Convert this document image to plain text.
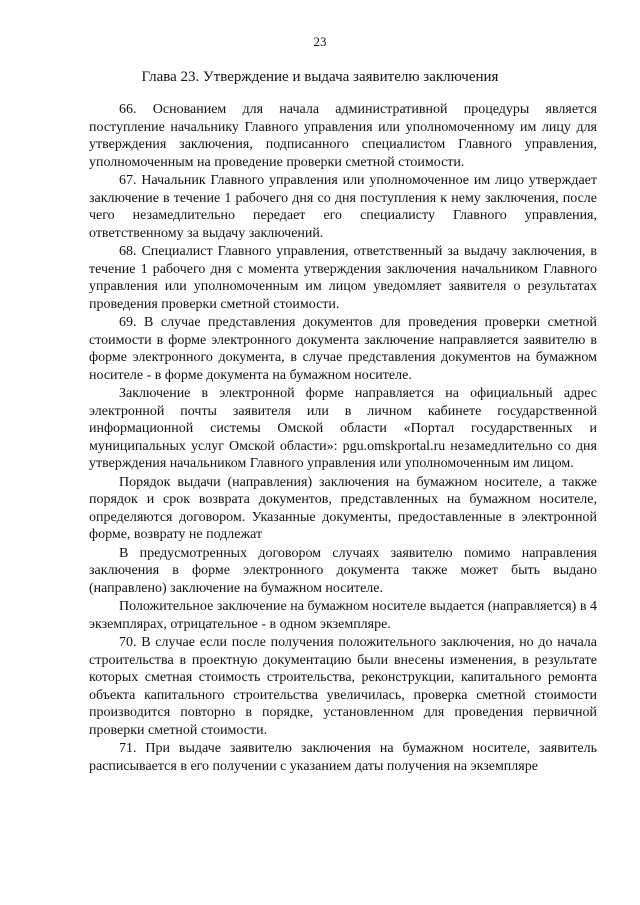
23
Глава 23. Утверждение и выдача заявителю заключения

66. Основанием для начала административной процедуры является поступление начальнику Главного управления или уполномоченному им лицу для утверждения заключения, подписанного специалистом Главного управления, уполномоченным на проведение проверки сметной стоимости.

67. Начальник Главного управления или уполномоченное им лицо утверждает заключение в течение 1 рабочего дня со дня поступления к нему заключения, после чего незамедлительно передает его специалисту Главного управления, ответственному за выдачу заключений.

68. Специалист Главного управления, ответственный за выдачу заключения, в течение 1 рабочего дня с момента утверждения заключения начальником Главного управления или уполномоченным им лицом уведомляет заявителя о результатах проведения проверки сметной стоимости.

69. В случае представления документов для проведения проверки сметной стоимости в форме электронного документа заключение направляется заявителю в форме электронного документа, в случае представления документов на бумажном носителе - в форме документа на бумажном носителе.

Заключение в электронной форме направляется на официальный адрес электронной почты заявителя или в личном кабинете государственной информационной системы Омской области «Портал государственных и муниципальных услуг Омской области»: pgu.omskportal.ru незамедлительно со дня утверждения начальником Главного управления или уполномоченным им лицом.

Порядок выдачи (направления) заключения на бумажном носителе, а также порядок и срок возврата документов, представленных на бумажном носителе, определяются договором. Указанные документы, предоставленные в электронной форме, возврату не подлежат

В предусмотренных договором случаях заявителю помимо направления заключения в форме электронного документа также может быть выдано (направлено) заключение на бумажном носителе.

Положительное заключение на бумажном носителе выдается (направляется) в 4 экземплярах, отрицательное - в одном экземпляре.

70. В случае если после получения положительного заключения, но до начала строительства в проектную документацию были внесены изменения, в результате которых сметная стоимость строительства, реконструкции, капитального ремонта объекта капитального строительства увеличилась, проверка сметной стоимости производится повторно в порядке, установленном для проведения первичной проверки сметной стоимости.

71. При выдаче заявителю заключения на бумажном носителе, заявитель расписывается в его получении с указанием даты получения на экземпляре
